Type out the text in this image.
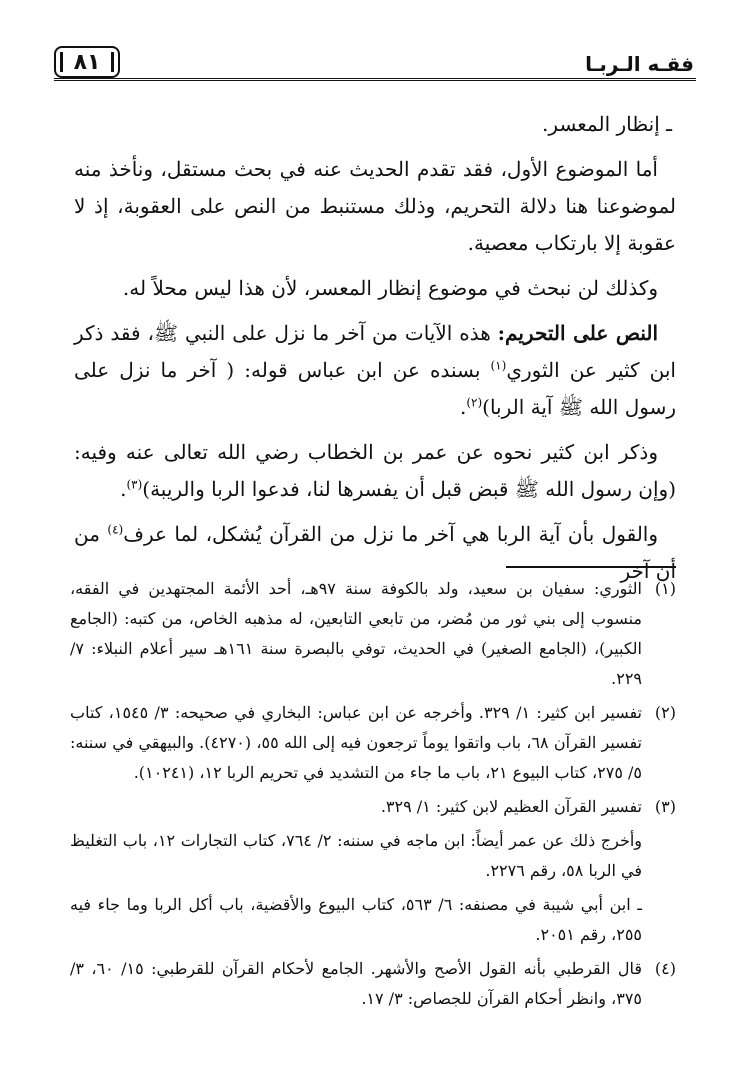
فقـه الـربـا
٨١

ـ إنظار المعسر.

أما الموضوع الأول، فقد تقدم الحديث عنه في بحث مستقل، ونأخذ منه لموضوعنا هنا دلالة التحريم، وذلك مستنبط من النص على العقوبة، إذ لا عقوبة إلا بارتكاب معصية.

وكذلك لن نبحث في موضوع إنظار المعسر، لأن هذا ليس محلاً له.

النص على التحريم: هذه الآيات من آخر ما نزل على النبي ﷺ، فقد ذكر ابن كثير عن الثوري$^{(١)}$ بسنده عن ابن عباس قوله: ( آخر ما نزل على رسول الله ﷺ آية الربا)$^{(٢)}$.

وذكر ابن كثير نحوه عن عمر بن الخطاب رضي الله تعالى عنه وفيه: (وإن رسول الله ﷺ قبض قبل أن يفسرها لنا، فدعوا الربا والريبة)$^{(٣)}$.

والقول بأن آية الربا هي آخر ما نزل من القرآن يُشكل، لما عرف$^{(٤)}$ من أن آخر

(١)
الثوري: سفيان بن سعيد، ولد بالكوفة سنة ٩٧هـ، أحد الأئمة المجتهدين في الفقه، منسوب إلى بني ثور من مُضر، من تابعي التابعين، له مذهبه الخاص، من كتبه: (الجامع الكبير)، (الجامع الصغير) في الحديث، توفي بالبصرة سنة ١٦١هـ سير أعلام النبلاء: ٧/ ٢٢٩.
(٢)
تفسير ابن كثير: ١/ ٣٢٩. وأخرجه عن ابن عباس: البخاري في صحيحه: ٣/ ١٥٤٥، كتاب تفسير القرآن ٦٨، باب واتقوا يوماً ترجعون فيه إلى الله ٥٥، (٤٢٧٠). والبيهقي في سننه: ٥/ ٢٧٥، كتاب البيوع ٢١، باب ما جاء من التشديد في تحريم الربا ١٢، (١٠٢٤١).
(٣)
تفسير القرآن العظيم لابن كثير: ١/ ٣٢٩.
وأخرج ذلك عن عمر أيضاً: ابن ماجه في سننه: ٢/ ٧٦٤، كتاب التجارات ١٢، باب التغليظ في الربا ٥٨، رقم ٢٢٧٦.
ـ ابن أبي شيبة في مصنفه: ٦/ ٥٦٣، كتاب البيوع والأقضية، باب أكل الربا وما جاء فيه ٢٥٥، رقم ٢٠٥١.
(٤)
قال القرطبي بأنه القول الأصح والأشهر. الجامع لأحكام القرآن للقرطبي: ١٥/ ٦٠، ٣/ ٣٧٥، وانظر أحكام القرآن للجصاص: ٣/ ١٧.
